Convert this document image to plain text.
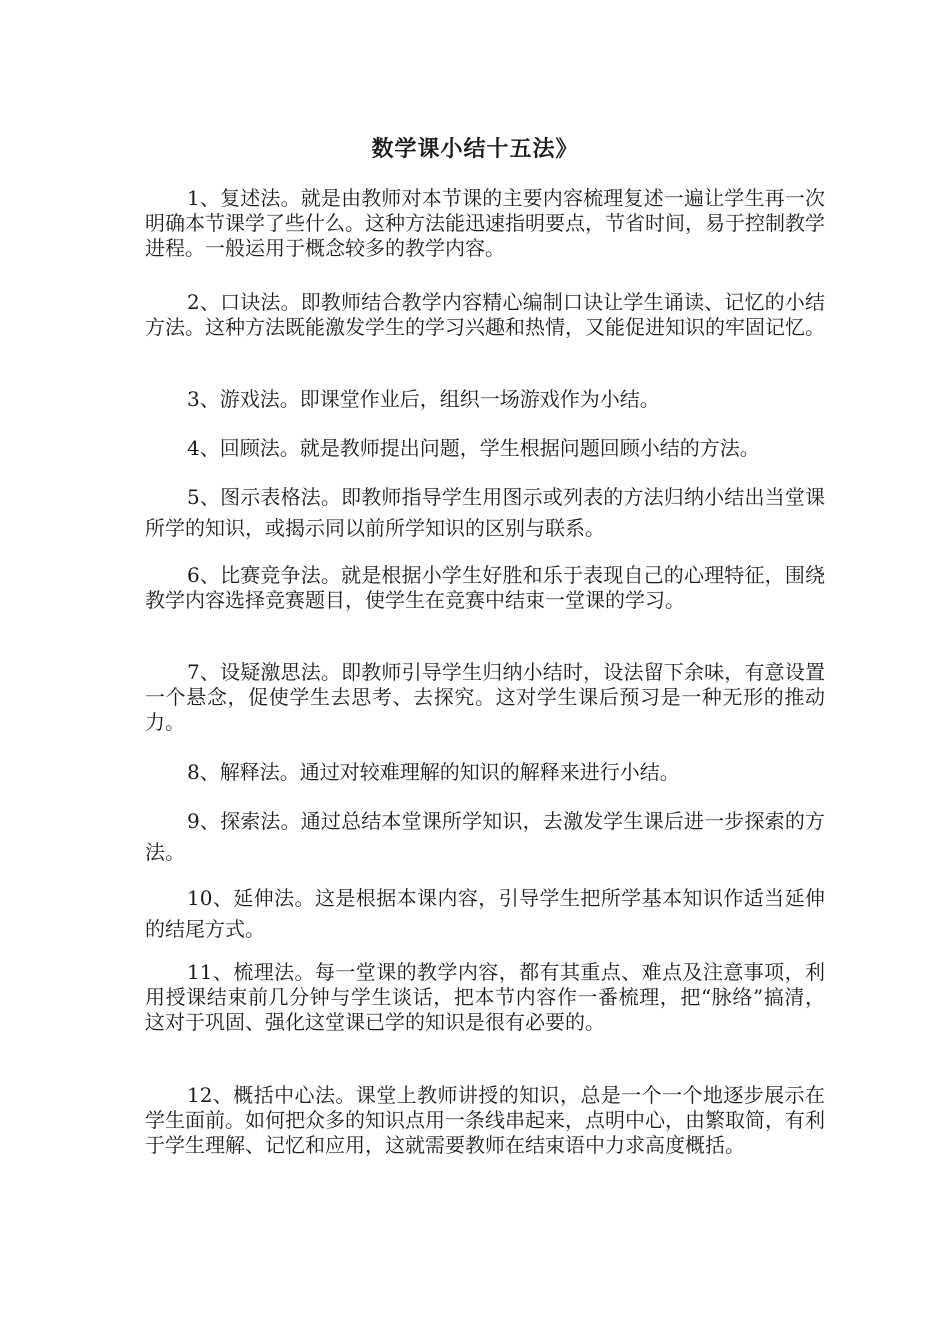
数学课小结十五法》
1、复述法。就是由教师对本节课的主要内容梳理复述一遍让学生再一次明确本节课学了些什么。这种方法能迅速指明要点，节省时间，易于控制教学进程。一般运用于概念较多的教学内容。
2、口诀法。即教师结合教学内容精心编制口诀让学生诵读、记忆的小结方法。这种方法既能激发学生的学习兴趣和热情，又能促进知识的牢固记忆。
3、游戏法。即课堂作业后，组织一场游戏作为小结。
4、回顾法。就是教师提出问题，学生根据问题回顾小结的方法。
5、图示表格法。即教师指导学生用图示或列表的方法归纳小结出当堂课所学的知识，或揭示同以前所学知识的区别与联系。
6、比赛竞争法。就是根据小学生好胜和乐于表现自己的心理特征，围绕教学内容选择竞赛题目，使学生在竞赛中结束一堂课的学习。
7、设疑激思法。即教师引导学生归纳小结时，设法留下余味，有意设置一个悬念，促使学生去思考、去探究。这对学生课后预习是一种无形的推动力。
8、解释法。通过对较难理解的知识的解释来进行小结。
9、探索法。通过总结本堂课所学知识，去激发学生课后进一步探索的方法。
10、延伸法。这是根据本课内容，引导学生把所学基本知识作适当延伸的结尾方式。
11、梳理法。每一堂课的教学内容，都有其重点、难点及注意事项，利用授课结束前几分钟与学生谈话，把本节内容作一番梳理，把“脉络”搞清，这对于巩固、强化这堂课已学的知识是很有必要的。
12、概括中心法。课堂上教师讲授的知识，总是一个一个地逐步展示在学生面前。如何把众多的知识点用一条线串起来，点明中心，由繁取简，有利于学生理解、记忆和应用，这就需要教师在结束语中力求高度概括。
